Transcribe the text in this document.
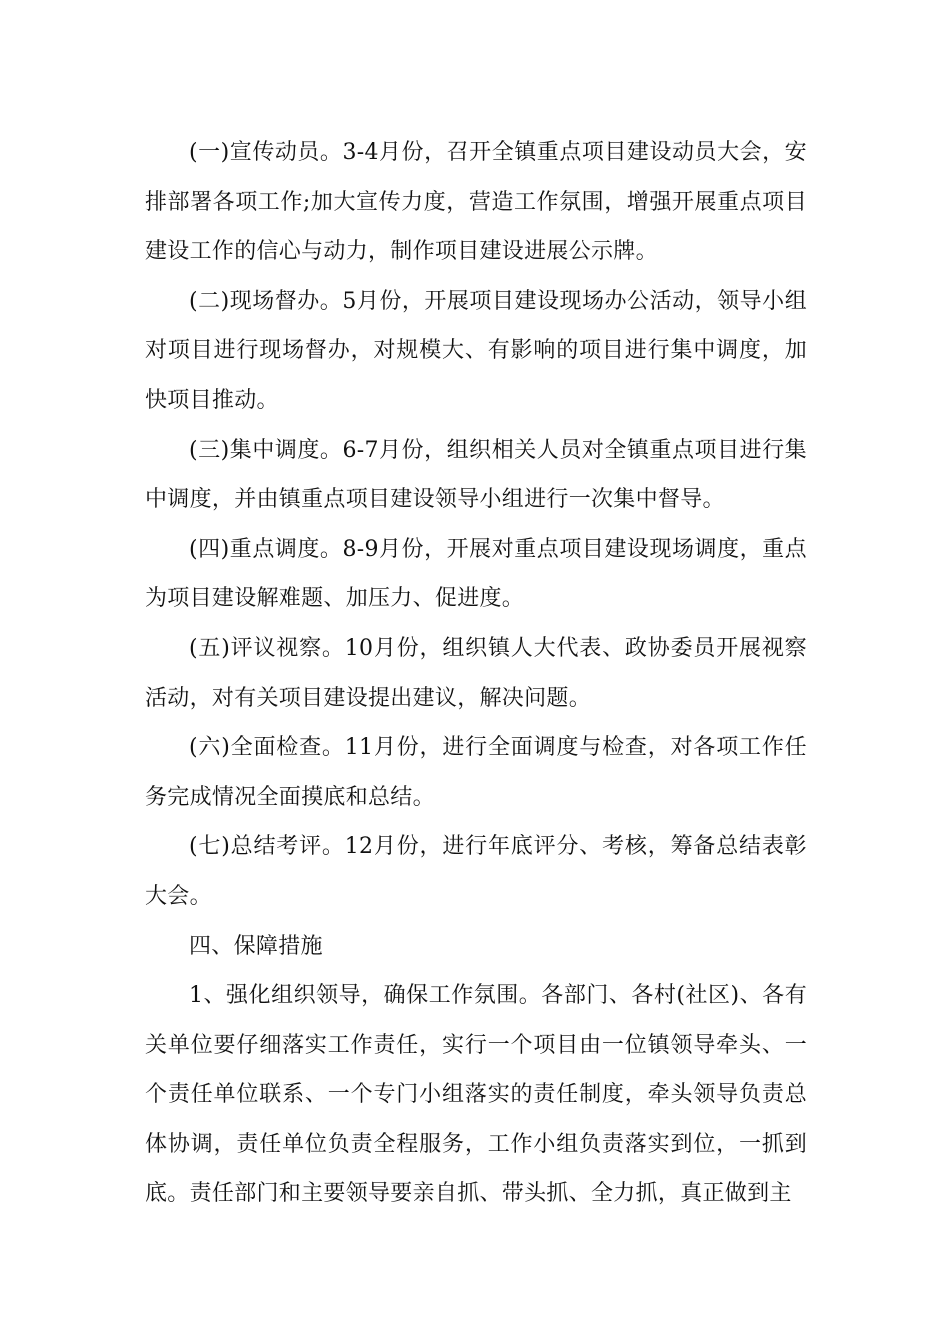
(一)宣传动员。3-4月份，召开全镇重点项目建设动员大会，安排部署各项工作;加大宣传力度，营造工作氛围，增强开展重点项目建设工作的信心与动力，制作项目建设进展公示牌。

(二)现场督办。5月份，开展项目建设现场办公活动，领导小组对项目进行现场督办，对规模大、有影响的项目进行集中调度，加快项目推动。

(三)集中调度。6-7月份，组织相关人员对全镇重点项目进行集中调度，并由镇重点项目建设领导小组进行一次集中督导。

(四)重点调度。8-9月份，开展对重点项目建设现场调度，重点为项目建设解难题、加压力、促进度。

(五)评议视察。10月份，组织镇人大代表、政协委员开展视察活动，对有关项目建设提出建议，解决问题。

(六)全面检查。11月份，进行全面调度与检查，对各项工作任务完成情况全面摸底和总结。

(七)总结考评。12月份，进行年底评分、考核，筹备总结表彰大会。

四、保障措施

1、强化组织领导，确保工作氛围。各部门、各村(社区)、各有关单位要仔细落实工作责任，实行一个项目由一位镇领导牵头、一个责任单位联系、一个专门小组落实的责任制度，牵头领导负责总体协调，责任单位负责全程服务，工作小组负责落实到位，一抓到底。责任部门和主要领导要亲自抓、带头抓、全力抓，真正做到主
